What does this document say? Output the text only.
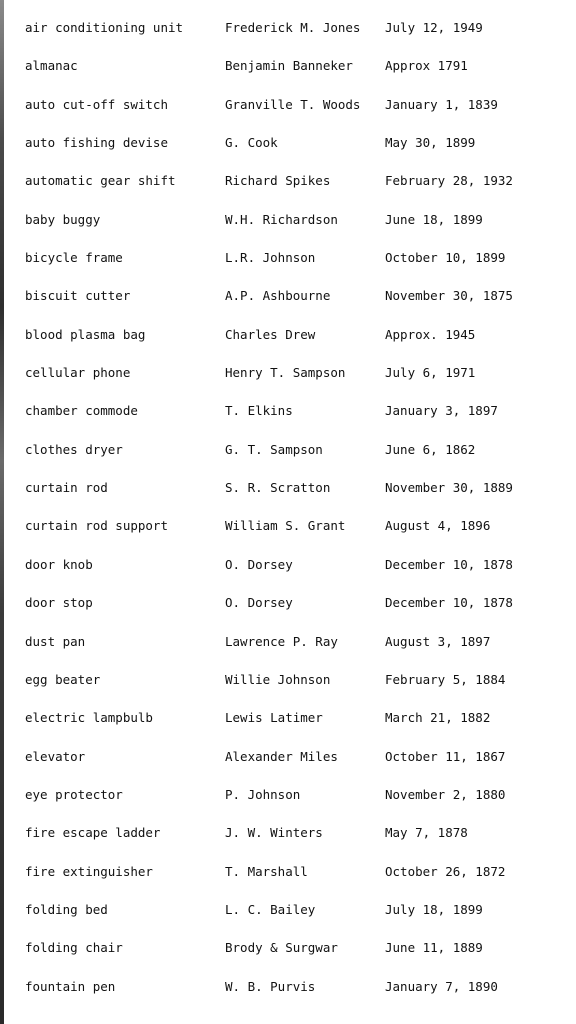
air conditioning unit	Frederick M. Jones July 12, 1949
almanac	Benjamin Banneker	Approx 1791
auto cut-off switch	Granville T. Woods January 1, 1839
auto fishing devise	G. Cook	May 30, 1899
automatic gear shift	Richard Spikes	February 28, 1932
baby buggy	W.H. Richardson	June 18, 1899
bicycle frame	L.R. Johnson	October 10, 1899
biscuit cutter	A.P. Ashbourne	November 30, 1875
blood plasma bag	Charles Drew	Approx. 1945
cellular phone	Henry T. Sampson	July 6, 1971
chamber commode	T. Elkins	January 3, 1897
clothes dryer	G. T. Sampson	June 6, 1862
curtain rod	S. R. Scratton	November 30, 1889
curtain rod support	William S. Grant	August 4, 1896
door knob	O. Dorsey	December 10, 1878
door stop	O. Dorsey	December 10, 1878
dust pan	Lawrence P. Ray	August 3, 1897
egg beater	Willie Johnson	February 5, 1884
electric lampbulb	Lewis Latimer	March 21, 1882
elevator	Alexander Miles	October 11, 1867
eye protector	P. Johnson	November 2, 1880
fire escape ladder	J. W. Winters	May 7, 1878
fire extinguisher	T. Marshall	October 26, 1872
folding bed	L. C. Bailey	July 18, 1899
folding chair	Brody & Surgwar	June 11, 1889
fountain pen	W. B. Purvis	January 7, 1890
